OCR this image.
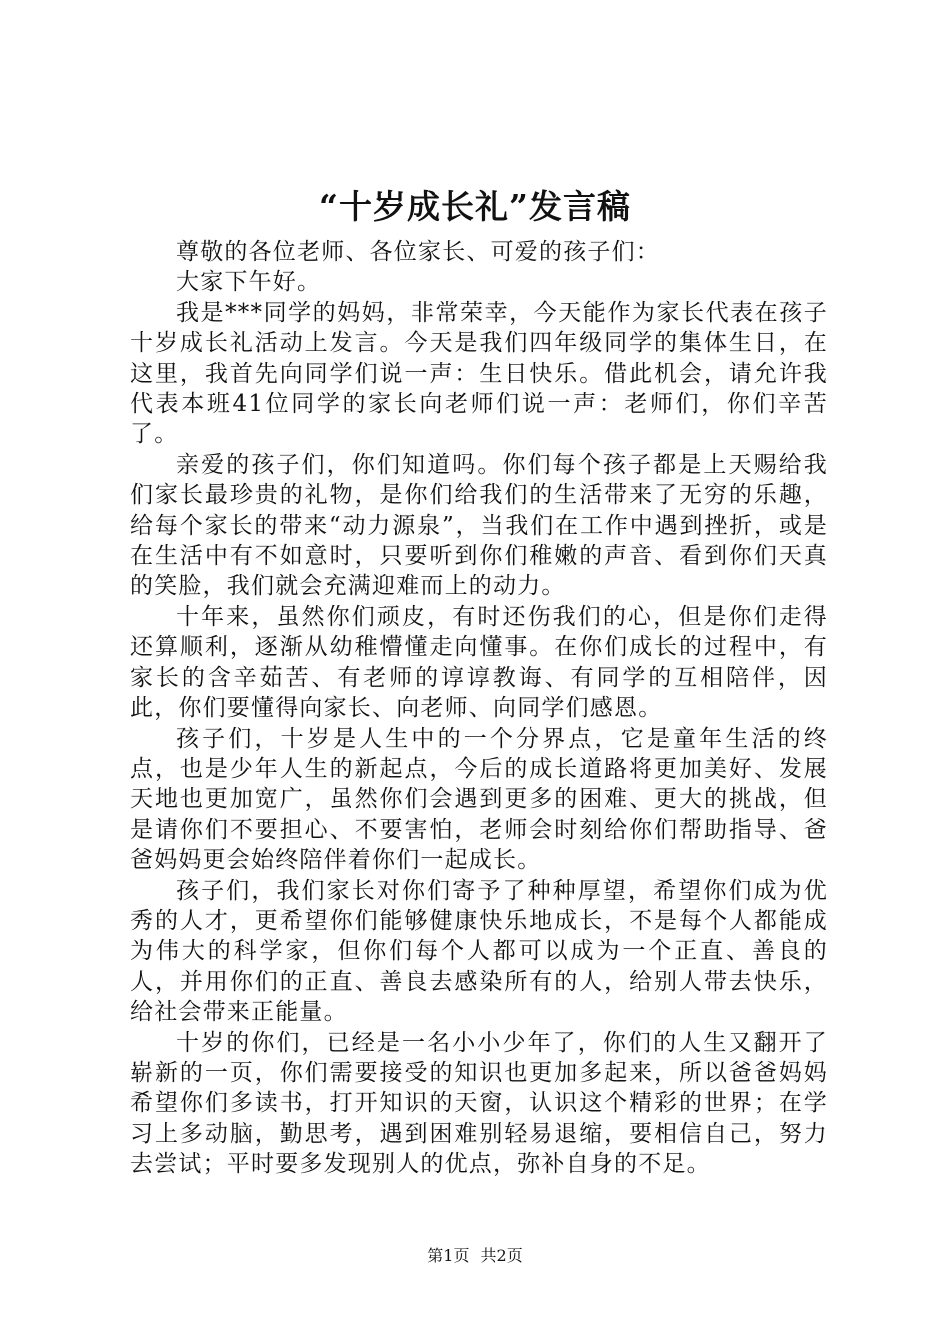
“十岁成长礼”发言稿

尊敬的各位老师、各位家长、可爱的孩子们：

大家下午好。

我是***同学的妈妈，非常荣幸，今天能作为家长代表在孩子十岁成长礼活动上发言。今天是我们四年级同学的集体生日，在这里，我首先向同学们说一声：生日快乐。借此机会，请允许我代表本班41位同学的家长向老师们说一声：老师们，你们辛苦了。

亲爱的孩子们，你们知道吗。你们每个孩子都是上天赐给我们家长最珍贵的礼物，是你们给我们的生活带来了无穷的乐趣，给每个家长的带来“动力源泉”，当我们在工作中遇到挫折，或是在生活中有不如意时，只要听到你们稚嫩的声音、看到你们天真的笑脸，我们就会充满迎难而上的动力。

十年来，虽然你们顽皮，有时还伤我们的心，但是你们走得还算顺利，逐渐从幼稚懵懂走向懂事。在你们成长的过程中，有家长的含辛茹苦、有老师的谆谆教诲、有同学的互相陪伴，因此，你们要懂得向家长、向老师、向同学们感恩。

孩子们，十岁是人生中的一个分界点，它是童年生活的终点，也是少年人生的新起点，今后的成长道路将更加美好、发展天地也更加宽广，虽然你们会遇到更多的困难、更大的挑战，但是请你们不要担心、不要害怕，老师会时刻给你们帮助指导、爸爸妈妈更会始终陪伴着你们一起成长。

孩子们，我们家长对你们寄予了种种厚望，希望你们成为优秀的人才，更希望你们能够健康快乐地成长，不是每个人都能成为伟大的科学家，但你们每个人都可以成为一个正直、善良的人，并用你们的正直、善良去感染所有的人，给别人带去快乐，给社会带来正能量。

十岁的你们，已经是一名小小少年了，你们的人生又翻开了崭新的一页，你们需要接受的知识也更加多起来，所以爸爸妈妈希望你们多读书，打开知识的天窗，认识这个精彩的世界；在学习上多动脑，勤思考，遇到困难别轻易退缩，要相信自己，努力去尝试；平时要多发现别人的优点，弥补自身的不足。

第1页 共2页
